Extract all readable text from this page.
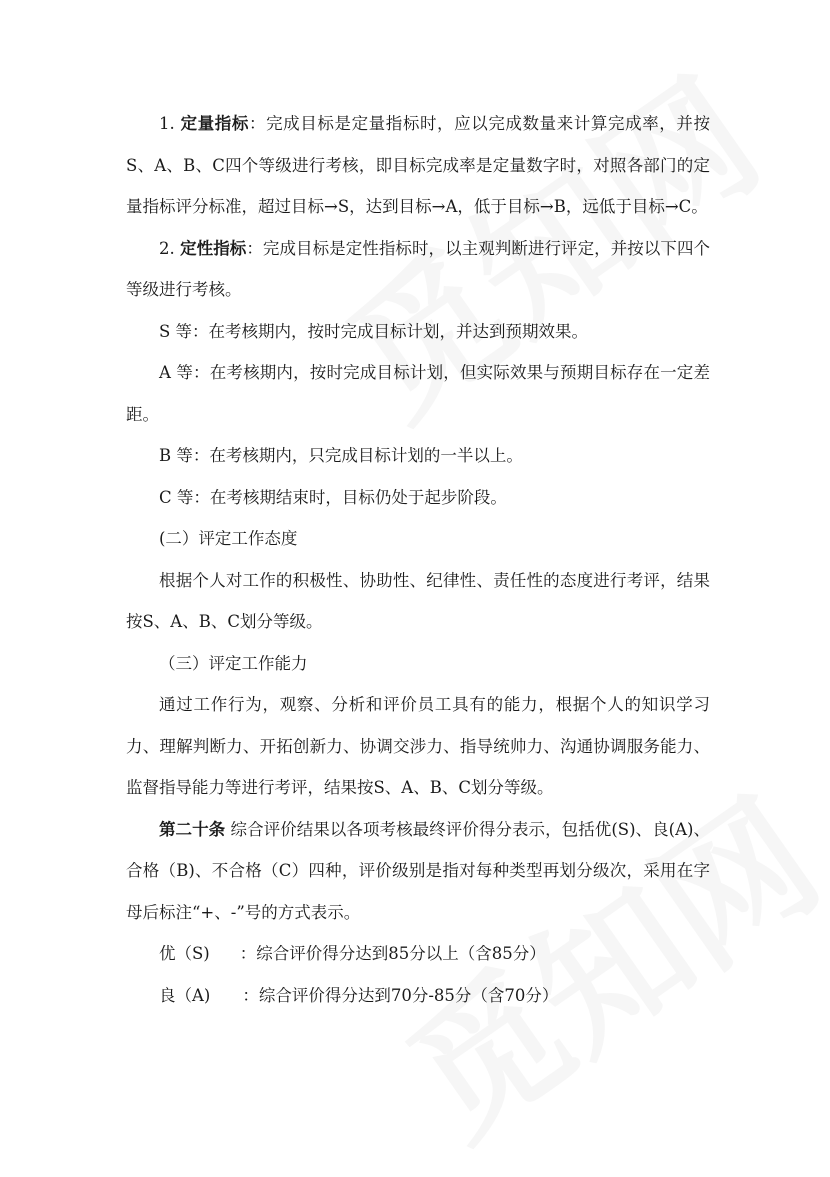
1. 定量指标：完成目标是定量指标时，应以完成数量来计算完成率，并按S、A、B、C四个等级进行考核，即目标完成率是定量数字时，对照各部门的定量指标评分标准，超过目标→S，达到目标→A，低于目标→B，远低于目标→C。

2. 定性指标：完成目标是定性指标时，以主观判断进行评定，并按以下四个等级进行考核。

S 等：在考核期内，按时完成目标计划，并达到预期效果。

A 等：在考核期内，按时完成目标计划，但实际效果与预期目标存在一定差距。

B 等：在考核期内，只完成目标计划的一半以上。

C 等：在考核期结束时，目标仍处于起步阶段。

(二）评定工作态度

根据个人对工作的积极性、协助性、纪律性、责任性的态度进行考评，结果按S、A、B、C划分等级。

（三）评定工作能力

通过工作行为，观察、分析和评价员工具有的能力，根据个人的知识学习力、理解判断力、开拓创新力、协调交涉力、指导统帅力、沟通协调服务能力、监督指导能力等进行考评，结果按S、A、B、C划分等级。

第二十条 综合评价结果以各项考核最终评价得分表示，包括优(S)、良(A)、合格（B)、不合格（C）四种，评价级别是指对每种类型再划分级次，采用在字母后标注“+、-”号的方式表示。

优（S) ：综合评价得分达到85分以上（含85分）

良（A) ：综合评价得分达到70分-85分（含70分）
